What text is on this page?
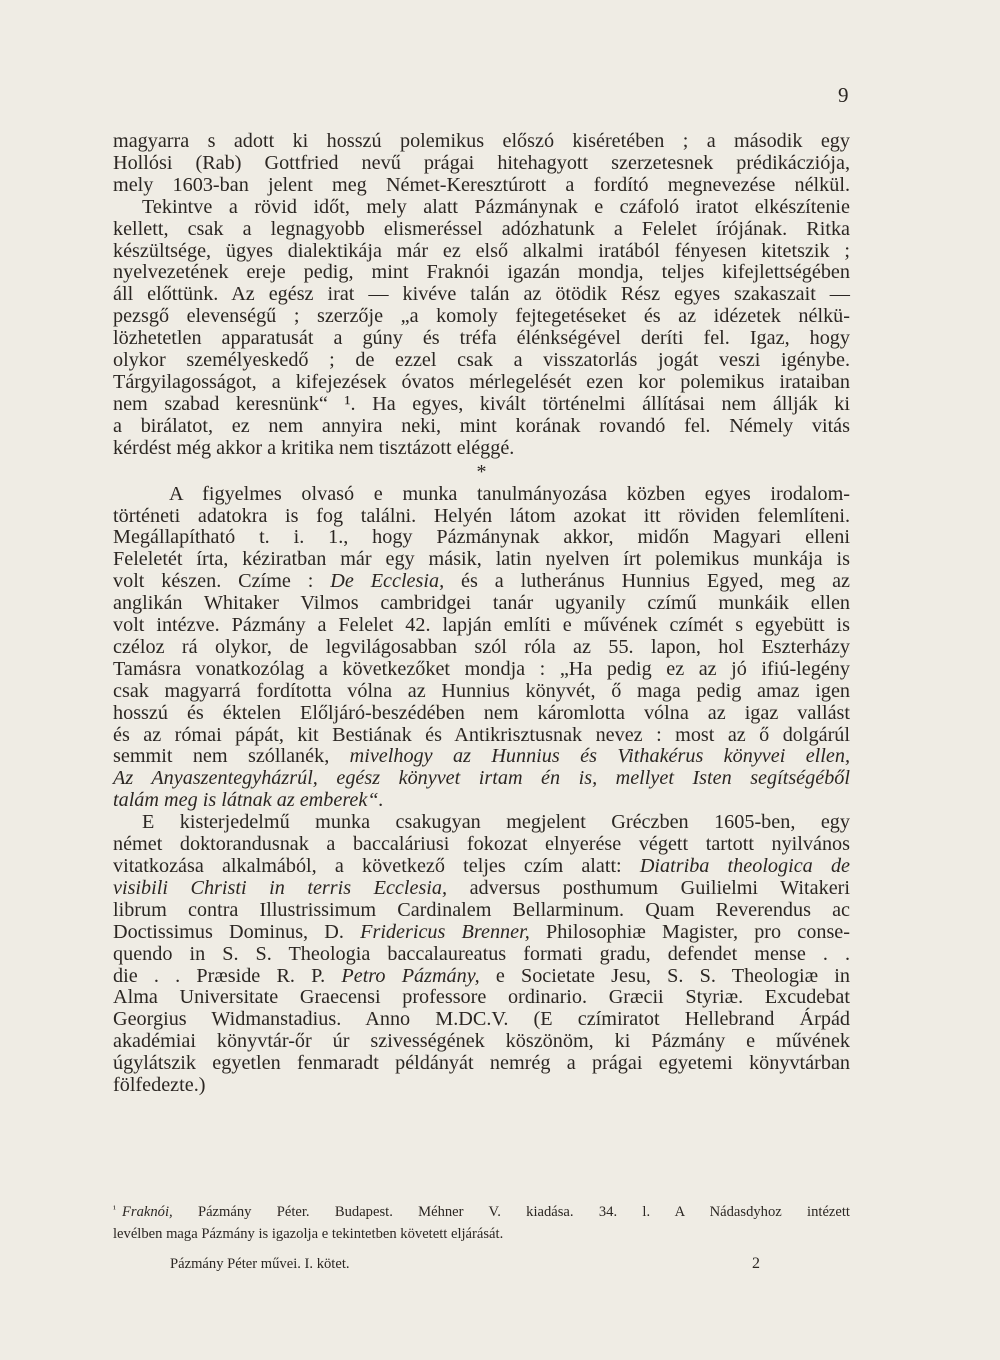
9

magyarra s adott ki hosszú polemikus előszó kiséretében ; a második egy
Hollósi (Rab) Gottfried nevű prágai hitehagyott szerzetesnek prédikácziója,
mely 1603-ban jelent meg Német-Keresztúrott a fordító megnevezése nélkül.
Tekintve a rövid időt, mely alatt Pázmánynak e czáfoló iratot elkészítenie
kellett, csak a legnagyobb elismeréssel adózhatunk a Felelet írójának. Ritka
készültsége, ügyes dialektikája már ez első alkalmi iratából fényesen kitetszik ;
nyelvezetének ereje pedig, mint Fraknói igazán mondja, teljes kifejlettségében
áll előttünk. Az egész irat — kivéve talán az ötödik Rész egyes szakaszait —
pezsgő elevenségű ; szerzője „a komoly fejtegetéseket és az idézetek nélkü-
lözhetetlen apparatusát a gúny és tréfa élénkségével deríti fel. Igaz, hogy
olykor személyeskedő ; de ezzel csak a visszatorlás jogát veszi igénybe.
Tárgyilagosságot, a kifejezések óvatos mérlegelését ezen kor polemikus irataiban
nem szabad keresnünk“ ¹. Ha egyes, kivált történelmi állításai nem állják ki
a birálatot, ez nem annyira neki, mint korának rovandó fel. Némely vitás
kérdést még akkor a kritika nem tisztázott eléggé.

*

A figyelmes olvasó e munka tanulmányozása közben egyes irodalom-
történeti adatokra is fog találni. Helyén látom azokat itt röviden felemlíteni.
Megállapítható t. i. 1., hogy Pázmánynak akkor, midőn Magyari elleni
Feleletét írta, kéziratban már egy másik, latin nyelven írt polemikus munkája is
volt készen. Czíme : De Ecclesia, és a lutheránus Hunnius Egyed, meg az
anglikán Whitaker Vilmos cambridgei tanár ugyanily czímű munkáik ellen
volt intézve. Pázmány a Felelet 42. lapján említi e művének czímét s egyebütt is
czéloz rá olykor, de legvilágosabban szól róla az 55. lapon, hol Eszterházy
Tamásra vonatkozólag a következőket mondja : „Ha pedig ez az jó ifiú-legény
csak magyarrá fordította vólna az Hunnius könyvét, ő maga pedig amaz igen
hosszú és éktelen Előljáró-beszédében nem káromlotta vólna az igaz vallást
és az római pápát, kit Bestiának és Antikrisztusnak nevez : most az ő dolgárúl
semmit nem szóllanék, mivelhogy az Hunnius és Vithakérus könyvei ellen,
Az Anyaszentegyházrúl, egész könyvet irtam én is, mellyet Isten segítségéből
talám meg is látnak az emberek“.

E kisterjedelmű munka csakugyan megjelent Gréczben 1605-ben, egy
német doktorandusnak a baccaláriusi fokozat elnyerése végett tartott nyilvános
vitatkozása alkalmából, a következő teljes czím alatt: Diatriba theologica de
visibili Christi in terris Ecclesia, adversus posthumum Guilielmi Witakeri
librum contra Illustrissimum Cardinalem Bellarminum. Quam Reverendus ac
Doctissimus Dominus, D. Fridericus Brenner, Philosophiæ Magister, pro conse-
quendo in S. S. Theologia baccalaureatus formati gradu, defendet mense . .
die . . Præside R. P. Petro Pázmány, e Societate Jesu, S. S. Theologiæ in
Alma Universitate Graecensi professore ordinario. Græcii Styriæ. Excudebat
Georgius Widmanstadius. Anno M.DC.V. (E czímiratot Hellebrand Árpád
akadémiai könyvtár-őr úr szivességének köszönöm, ki Pázmány e művének
úgylátszik egyetlen fenmaradt példányát nemrég a prágai egyetemi könyvtárban
fölfedezte.)

$^{^1}$ Fraknói, Pázmány Péter. Budapest. Méhner V. kiadása. 34. l. A Nádasdyhoz intézett
levélben maga Pázmány is igazolja e tekintetben követett eljárását.
Pázmány Péter művei. I. kötet.	2
